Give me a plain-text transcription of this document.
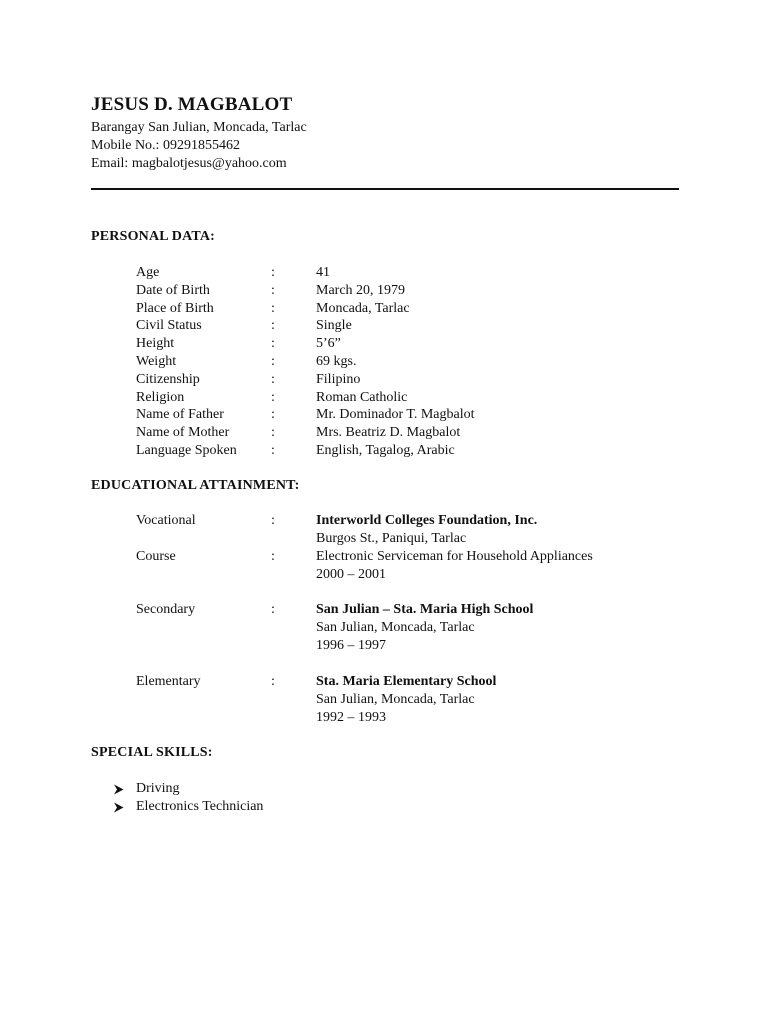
JESUS D. MAGBALOT
Barangay San Julian, Moncada, Tarlac
Mobile No.: 09291855462
Email: magbalotjesus@yahoo.com
PERSONAL DATA:
Age	:	41
Date of Birth	:	March 20, 1979
Place of Birth	:	Moncada, Tarlac
Civil Status	:	Single
Height	:	5’6”
Weight	:	69 kgs.
Citizenship	:	Filipino
Religion	:	Roman Catholic
Name of Father	:	Mr. Dominador T. Magbalot
Name of Mother	:	Mrs. Beatriz D. Magbalot
Language Spoken	:	English, Tagalog, Arabic
EDUCATIONAL ATTAINMENT:
Vocational	:	Interworld Colleges Foundation, Inc.
Burgos St., Paniqui, Tarlac
Course	:	Electronic Serviceman for Household Appliances
2000 – 2001
Secondary	:	San Julian – Sta. Maria High School
San Julian, Moncada, Tarlac
1996 – 1997
Elementary	:	Sta. Maria Elementary School
San Julian, Moncada, Tarlac
1992 – 1993
SPECIAL SKILLS:
Driving
Electronics Technician
